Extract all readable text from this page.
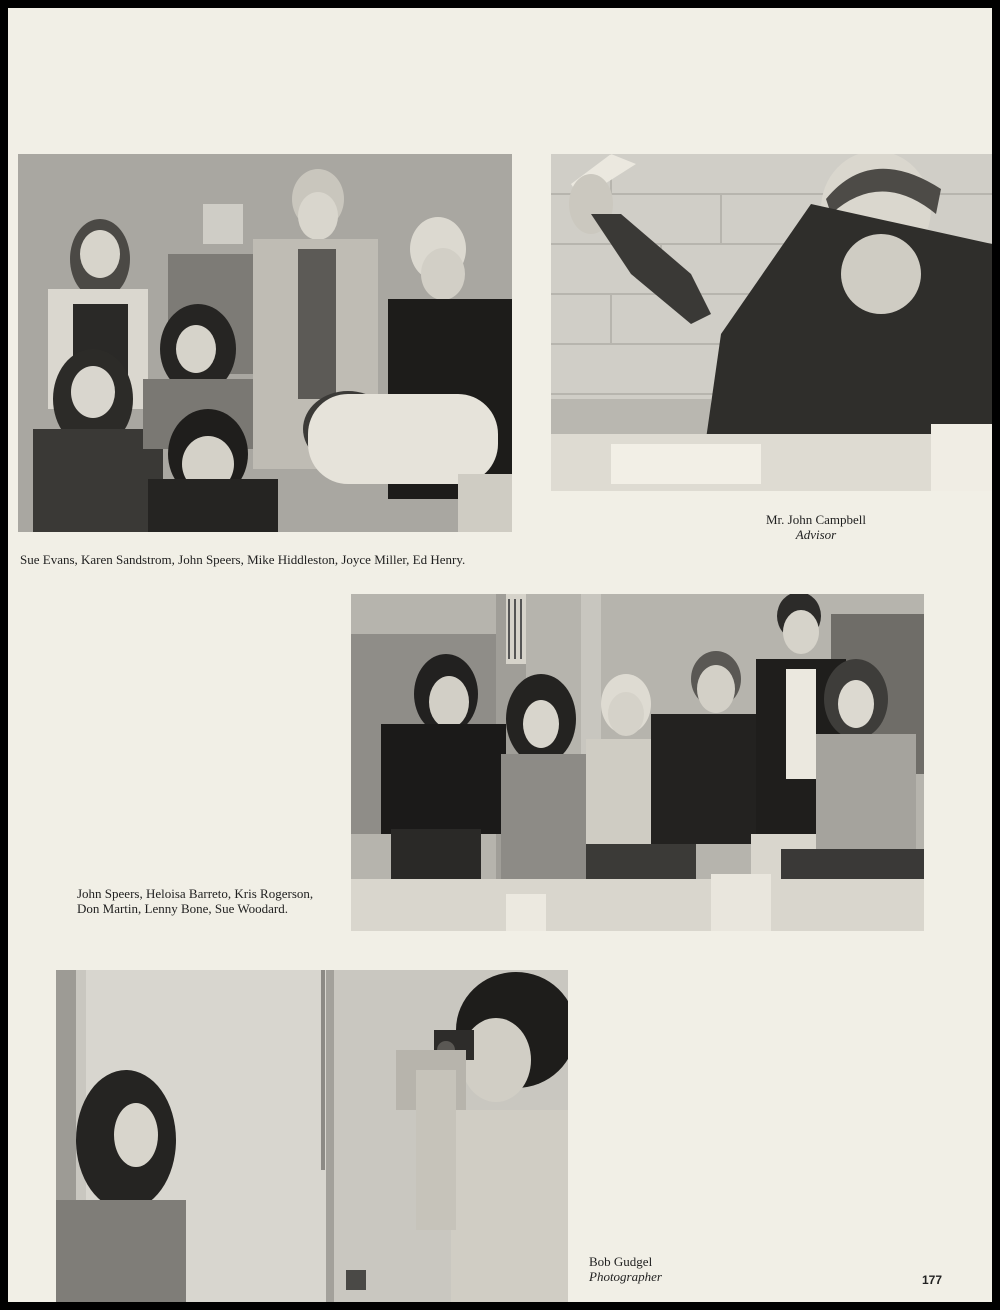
Sue Evans, Karen Sandstrom, John Speers, Mike Hiddleston, Joyce Miller, Ed Henry.
Mr. John Campbell
Advisor
John Speers, Heloisa Barreto, Kris Rogerson,
Don Martin, Lenny Bone, Sue Woodard.
Bob Gudgel
Photographer	177
